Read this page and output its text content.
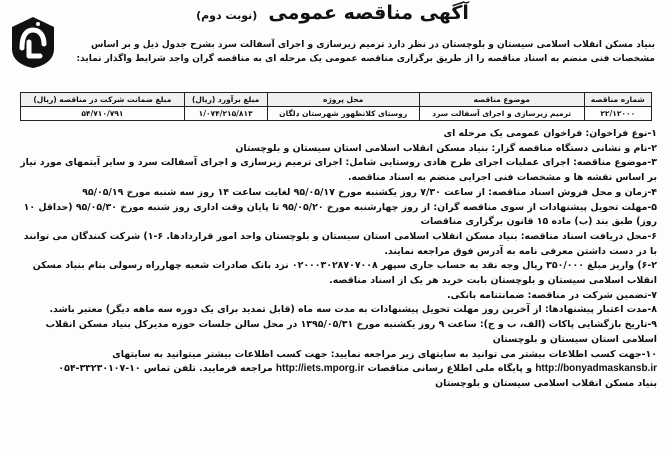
آگهی مناقصه عمومی (نوبت دوم)
بنیاد مسکن انقلاب اسلامی سیستان و بلوچستان در نظر دارد ترمیم زیرسازی و اجرای آسفالت سرد بشرح جدول ذیل و بر اساس مشخصات فنی منضم به اسناد مناقصه را از طریق برگزاری مناقصه عمومی یک مرحله ای به مناقصه گران واجد شرایط واگذار نماید:
شماره مناقصه	موضوع مناقصه	محل پروژه	مبلغ برآورد (ریال)	مبلغ ضمانت شرکت در مناقصه (ریال)
۲۲/۱۲۰۰۰	ترمیم زیرسازی و اجرای آسفالت سرد	روستای کلانظهور شهرستان دلگان	۱/۰۷۴/۲۱۵/۸۱۳	۵۴/۷۱۰/۷۹۱

۱-نوع فراخوان: فراخوان عمومی یک مرحله ای

۲-نام و نشانی دستگاه مناقصه گزار: بنیاد مسکن انقلاب اسلامی استان سیستان و بلوچستان

۳-موضوع مناقصه: اجرای عملیات اجرای طرح هادی روستایی شامل: اجرای ترمیم زیرسازی و اجرای آسفالت سرد و سایر آیتمهای مورد نیاز بر اساس نقشه ها و مشخصات فنی اجرایی منضم به اسناد مناقصه.

۴-زمان و محل فروش اسناد مناقصه: از ساعت ۷/۳۰ روز یکشنبه مورخ ۹۵/۰۵/۱۷ لغایت ساعت ۱۴ روز سه شنبه مورخ ۹۵/۰۵/۱۹

۵-مهلت تحویل پیشنهادات از سوی مناقصه گران: از روز چهارشنبه مورخ ۹۵/۰۵/۲۰ تا پایان وقت اداری روز شنبه مورخ ۹۵/۰۵/۳۰ (حداقل ۱۰ روز) طبق بند (ب) ماده ۱۵ قانون برگزاری مناقصات

۶-محل دریافت اسناد مناقصه: بنیاد مسکن انقلاب اسلامی استان سیستان و بلوچستان واحد امور قراردادها. ۶-۱) شرکت کنندگان می توانند با در دست داشتن معرفی نامه به آدرس فوق مراجعه نمایند.

۶-۲) واریز مبلغ ۳۵۰/۰۰۰ ریال وجه نقد به حساب جاری سپهر ۰۲۰۰۰۳۰۲۸۷۰۷۰۰۸ نزد بانک صادرات شعبه چهارراه رسولی بنام بنیاد مسکن انقلاب اسلامی سیستان و بلوچستان بابت خرید هر یک از اسناد مناقصه.

۷-تضمین شرکت در مناقصه: ضمانتنامه بانکی.

۸-مدت اعتبار پیشنهادها: از آخرین روز مهلت تحویل پیشنهادات به مدت سه ماه (قابل تمدید برای یک دوره سه ماهه دیگر) معتبر باشد.

۹-تاریخ بازگشایی پاکات (الف، ب و ج): ساعت ۹ روز یکشنبه مورخ ۱۳۹۵/۰۵/۳۱ در محل سالن جلسات حوزه مدیرکل بنیاد مسکن انقلاب اسلامی استان سیستان و بلوچستان

۱۰-جهت کسب اطلاعات بیشتر می توانید به سایتهای زیر مراجعه نمایید: جهت کسب اطلاعات بیشتر میتوانید به سایتهای http://bonyadmaskansb.ir و پایگاه ملی اطلاع رسانی مناقصات http://iets.mporg.ir مراجعه فرمایید. تلفن تماس ۱۰-۳۳۲۳۰۱۰۷-۰۵۴

بنیاد مسکن انقلاب اسلامی سیستان و بلوچستان
